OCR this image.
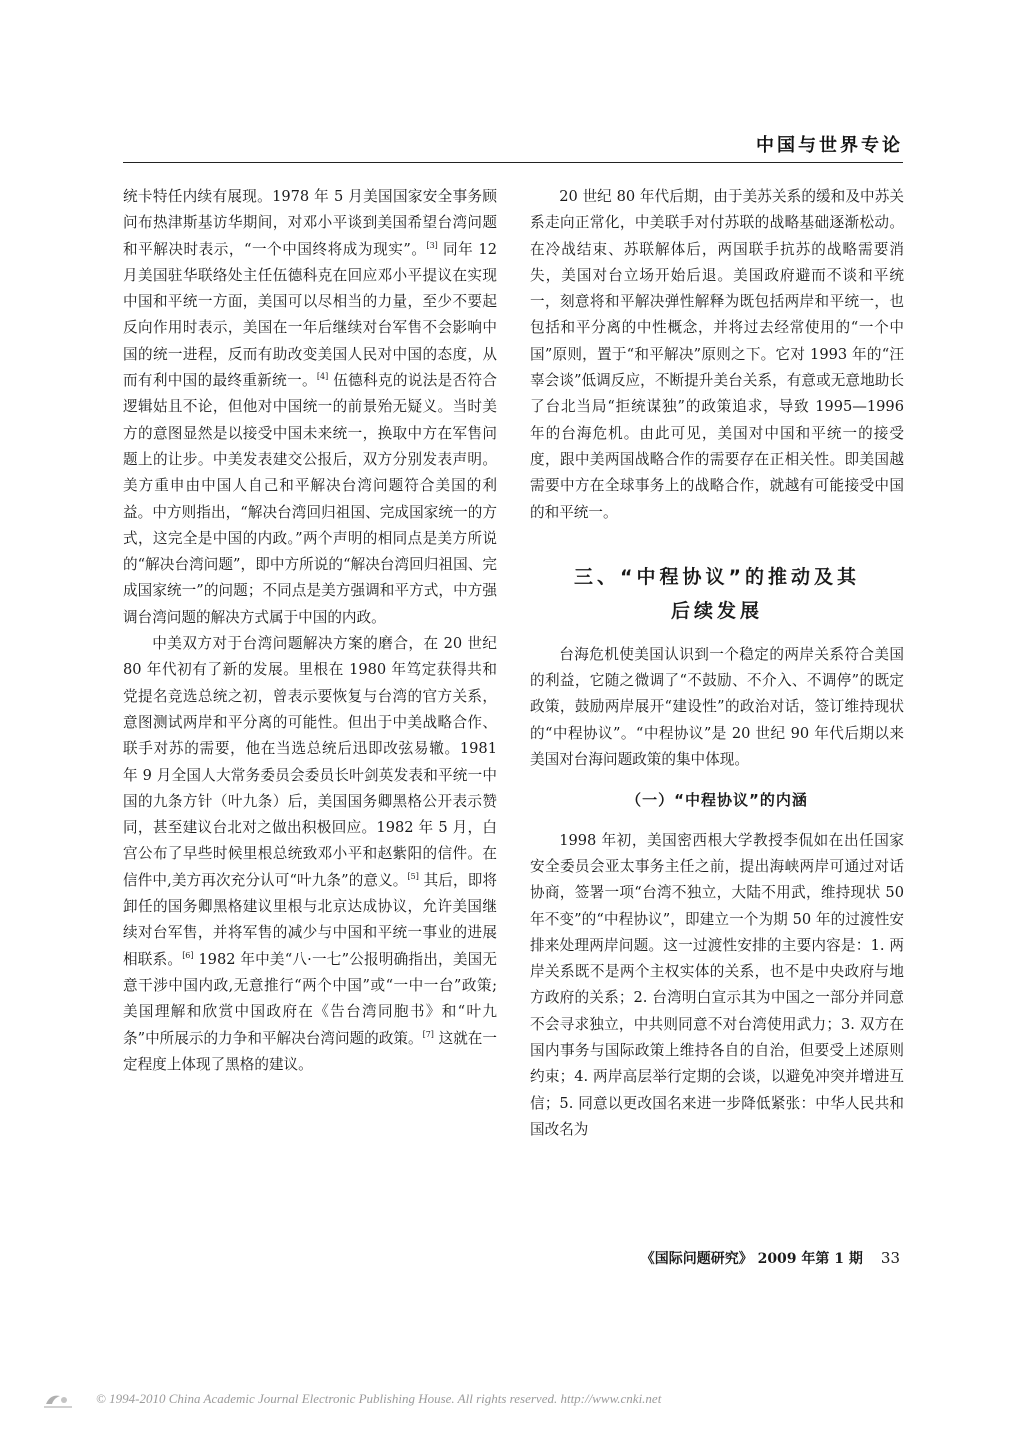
中国与世界专论

统卡特任内续有展现。1978 年 5 月美国国家安全事务顾问布热津斯基访华期间，对邓小平谈到美国希望台湾问题和平解决时表示，“一个中国终将成为现实”。[3] 同年 12 月美国驻华联络处主任伍德科克在回应邓小平提议在实现中国和平统一方面，美国可以尽相当的力量，至少不要起反向作用时表示，美国在一年后继续对台军售不会影响中国的统一进程，反而有助改变美国人民对中国的态度，从而有利中国的最终重新统一。[4] 伍德科克的说法是否符合逻辑姑且不论，但他对中国统一的前景殆无疑义。当时美方的意图显然是以接受中国未来统一，换取中方在军售问题上的让步。中美发表建交公报后，双方分别发表声明。美方重申由中国人自己和平解决台湾问题符合美国的利益。中方则指出，“解决台湾回归祖国、完成国家统一的方式，这完全是中国的内政。”两个声明的相同点是美方所说的“解决台湾问题”，即中方所说的“解决台湾回归祖国、完成国家统一”的问题；不同点是美方强调和平方式，中方强调台湾问题的解决方式属于中国的内政。

中美双方对于台湾问题解决方案的磨合，在 20 世纪 80 年代初有了新的发展。里根在 1980 年笃定获得共和党提名竞选总统之初，曾表示要恢复与台湾的官方关系，意图测试两岸和平分离的可能性。但出于中美战略合作、联手对苏的需要，他在当选总统后迅即改弦易辙。1981 年 9 月全国人大常务委员会委员长叶剑英发表和平统一中国的九条方针（叶九条）后，美国国务卿黑格公开表示赞同，甚至建议台北对之做出积极回应。1982 年 5 月，白宫公布了早些时候里根总统致邓小平和赵紫阳的信件。在信件中,美方再次充分认可“叶九条”的意义。[5] 其后，即将卸任的国务卿黑格建议里根与北京达成协议，允许美国继续对台军售，并将军售的减少与中国和平统一事业的进展相联系。[6] 1982 年中美“八·一七”公报明确指出，美国无意干涉中国内政,无意推行“两个中国”或“一中一台”政策;美国理解和欣赏中国政府在《告台湾同胞书》和“叶九条”中所展示的力争和平解决台湾问题的政策。[7] 这就在一定程度上体现了黑格的建议。

20 世纪 80 年代后期，由于美苏关系的缓和及中苏关系走向正常化，中美联手对付苏联的战略基础逐渐松动。在冷战结束、苏联解体后，两国联手抗苏的战略需要消失，美国对台立场开始后退。美国政府避而不谈和平统一，刻意将和平解决弹性解释为既包括两岸和平统一，也包括和平分离的中性概念，并将过去经常使用的“一个中国”原则，置于“和平解决”原则之下。它对 1993 年的“汪辜会谈”低调反应，不断提升美台关系，有意或无意地助长了台北当局“拒统谋独”的政策追求，导致 1995—1996 年的台海危机。由此可见，美国对中国和平统一的接受度，跟中美两国战略合作的需要存在正相关性。即美国越需要中方在全球事务上的战略合作，就越有可能接受中国的和平统一。

三、“中程协议”的推动及其
后续发展

台海危机使美国认识到一个稳定的两岸关系符合美国的利益，它随之微调了“不鼓励、不介入、不调停”的既定政策，鼓励两岸展开“建设性”的政治对话，签订维持现状的“中程协议”。“中程协议”是 20 世纪 90 年代后期以来美国对台海问题政策的集中体现。

（一）“中程协议”的内涵

1998 年初，美国密西根大学教授李侃如在出任国家安全委员会亚太事务主任之前，提出海峡两岸可通过对话协商，签署一项“台湾不独立，大陆不用武，维持现状 50 年不变”的“中程协议”，即建立一个为期 50 年的过渡性安排来处理两岸问题。这一过渡性安排的主要内容是：1. 两岸关系既不是两个主权实体的关系，也不是中央政府与地方政府的关系；2. 台湾明白宣示其为中国之一部分并同意不会寻求独立，中共则同意不对台湾使用武力；3. 双方在国内事务与国际政策上维持各自的自治，但要受上述原则约束；4. 两岸高层举行定期的会谈，以避免冲突并增进互信；5. 同意以更改国名来进一步降低紧张：中华人民共和国改名为

《国际问题研究》 2009 年第 1 期 33
© 1994-2010 China Academic Journal Electronic Publishing House. All rights reserved. http://www.cnki.net
